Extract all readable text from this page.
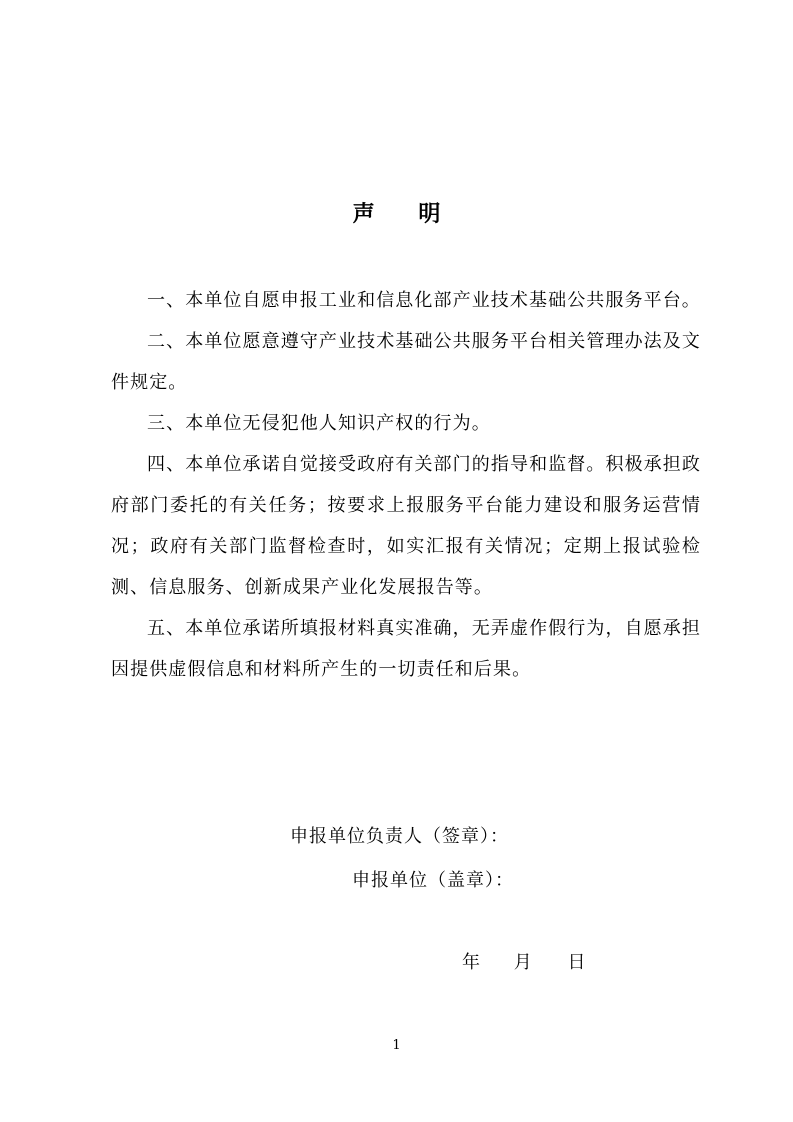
声 明

一、本单位自愿申报工业和信息化部产业技术基础公共服务平台。

二、本单位愿意遵守产业技术基础公共服务平台相关管理办法及文件规定。

三、本单位无侵犯他人知识产权的行为。

四、本单位承诺自觉接受政府有关部门的指导和监督。积极承担政府部门委托的有关任务；按要求上报服务平台能力建设和服务运营情况；政府有关部门监督检查时，如实汇报有关情况；定期上报试验检测、信息服务、创新成果产业化发展报告等。

五、本单位承诺所填报材料真实准确，无弄虚作假行为，自愿承担因提供虚假信息和材料所产生的一切责任和后果。

申报单位负责人（签章）：
申报单位（盖章）：
年 月 日
1
